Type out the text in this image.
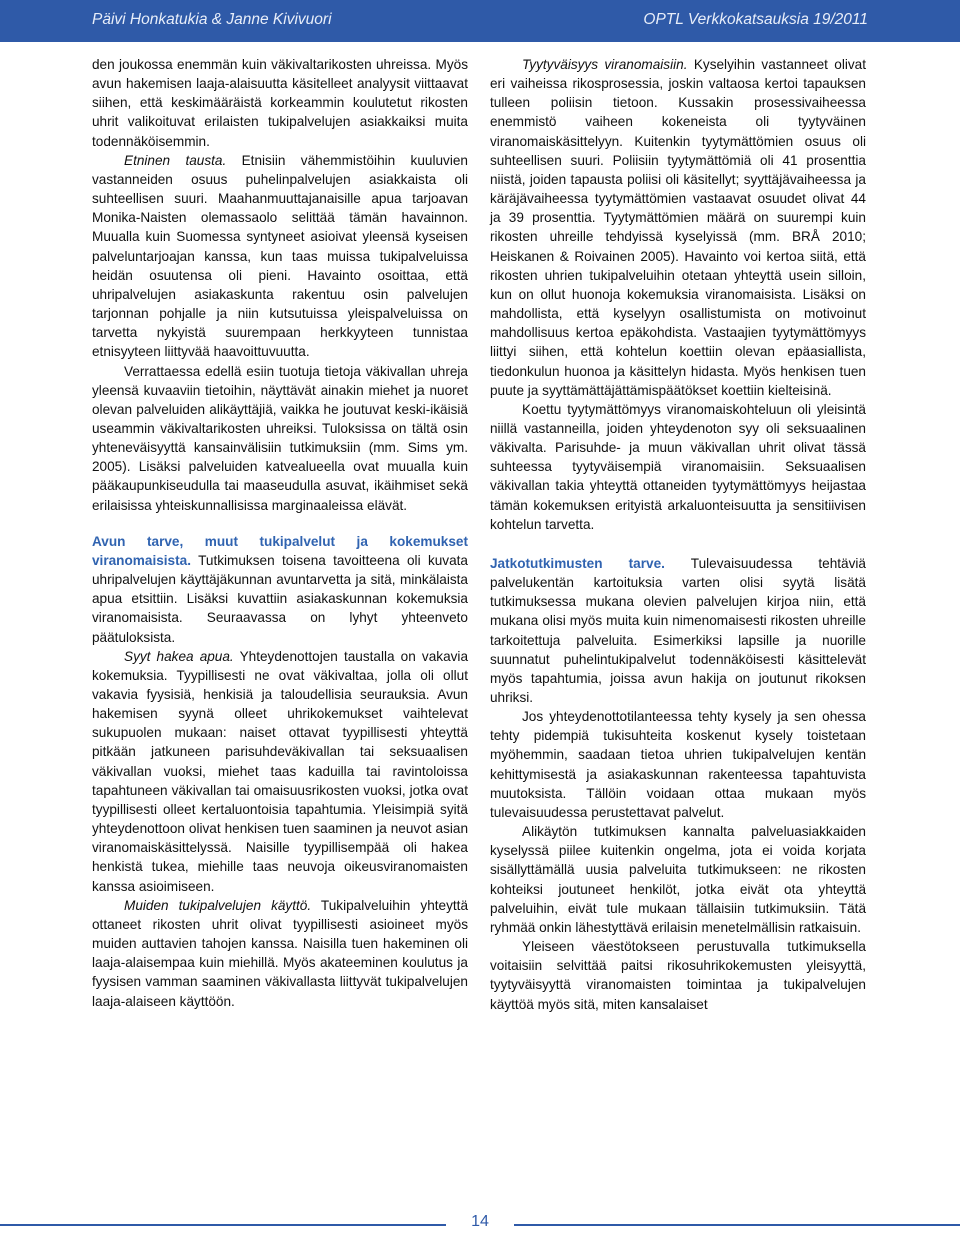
Päivi Honkatukia & Janne Kivivuori	OPTL Verkkokatsauksia 19/2011

den joukossa enemmän kuin väkivaltarikosten uhreissa. Myös avun hakemisen laaja-alaisuutta käsitelleet analyysit viittaavat siihen, että keskimääräistä korkeammin koulutetut rikosten uhrit valikoituvat erilaisten tukipalvelujen asiakkaiksi muita todennäköisemmin.

Etninen tausta. Etnisiin vähemmistöihin kuuluvien vastanneiden osuus puhelinpalvelujen asiakkaista oli suhteellisen suuri. Maahanmuuttajanaisille apua tarjoavan Monika-Naisten olemassaolo selittää tämän havainnon. Muualla kuin Suomessa syntyneet asioivat yleensä kyseisen palveluntarjoajan kanssa, kun taas muissa tukipalveluissa heidän osuutensa oli pieni. Havainto osoittaa, että uhripalvelujen asiakaskunta rakentuu osin palvelujen tarjonnan pohjalle ja niin kutsutuissa yleispalveluissa on tarvetta nykyistä suurempaan herkkyyteen tunnistaa etnisyyteen liittyvää haavoittuvuutta.

Verrattaessa edellä esiin tuotuja tietoja väkivallan uhreja yleensä kuvaaviin tietoihin, näyttävät ainakin miehet ja nuoret olevan palveluiden alikäyttäjiä, vaikka he joutuvat keski-ikäisiä useammin väkivaltarikosten uhreiksi. Tuloksissa on tältä osin yhteneväisyyttä kansainvälisiin tutkimuksiin (mm. Sims ym. 2005). Lisäksi palveluiden katvealueella ovat muualla kuin pääkaupunkiseudulla tai maaseudulla asuvat, ikäihmiset sekä erilaisissa yhteiskunnallisissa marginaaleissa elävät.

Avun tarve, muut tukipalvelut ja kokemukset viranomaisista. Tutkimuksen toisena tavoitteena oli kuvata uhripalvelujen käyttäjäkunnan avuntarvetta ja sitä, minkälaista apua etsittiin. Lisäksi kuvattiin asiakaskunnan kokemuksia viranomaisista. Seuraavassa on lyhyt yhteenveto päätuloksista.

Syyt hakea apua. Yhteydenottojen taustalla on vakavia kokemuksia. Tyypillisesti ne ovat väkivaltaa, jolla oli ollut vakavia fyysisiä, henkisiä ja taloudellisia seurauksia. Avun hakemisen syynä olleet uhrikokemukset vaihtelevat sukupuolen mukaan: naiset ottavat tyypillisesti yhteyttä pitkään jatkuneen parisuhdeväkivallan tai seksuaalisen väkivallan vuoksi, miehet taas kaduilla tai ravintoloissa tapahtuneen väkivallan tai omaisuusrikosten vuoksi, jotka ovat tyypillisesti olleet kertaluontoisia tapahtumia. Yleisimpiä syitä yhteydenottoon olivat henkisen tuen saaminen ja neuvot asian viranomaiskäsittelyssä. Naisille tyypillisempää oli hakea henkistä tukea, miehille taas neuvoja oikeusviranomaisten kanssa asioimiseen.

Muiden tukipalvelujen käyttö. Tukipalveluihin yhteyttä ottaneet rikosten uhrit olivat tyypillisesti asioineet myös muiden auttavien tahojen kanssa. Naisilla tuen hakeminen oli laaja-alaisempaa kuin miehillä. Myös akateeminen koulutus ja fyysisen vamman saaminen väkivallasta liittyvät tukipalvelujen laaja-alaiseen käyttöön.

Tyytyväisyys viranomaisiin. Kyselyihin vastanneet olivat eri vaiheissa rikosprosessia, joskin valtaosa kertoi tapauksen tulleen poliisin tietoon. Kussakin prosessivaiheessa enemmistö vaiheen kokeneista oli tyytyväinen viranomaiskäsittelyyn. Kuitenkin tyytymättömien osuus oli suhteellisen suuri. Poliisiin tyytymättömiä oli 41 prosenttia niistä, joiden tapausta poliisi oli käsitellyt; syyttäjävaiheessa ja käräjävaiheessa tyytymättömien vastaavat osuudet olivat 44 ja 39 prosenttia. Tyytymättömien määrä on suurempi kuin rikosten uhreille tehdyissä kyselyissä (mm. BRÅ 2010; Heiskanen & Roivainen 2005). Havainto voi kertoa siitä, että rikosten uhrien tukipalveluihin otetaan yhteyttä usein silloin, kun on ollut huonoja kokemuksia viranomaisista. Lisäksi on mahdollista, että kyselyyn osallistumista on motivoinut mahdollisuus kertoa epäkohdista. Vastaajien tyytymättömyys liittyi siihen, että kohtelun koettiin olevan epäasiallista, tiedonkulun huonoa ja käsittelyn hidasta. Myös henkisen tuen puute ja syyttämättäjättämispäätökset koettiin kielteisinä.

Koettu tyytymättömyys viranomaiskohteluun oli yleisintä niillä vastanneilla, joiden yhteydenoton syy oli seksuaalinen väkivalta. Parisuhde- ja muun väkivallan uhrit olivat tässä suhteessa tyytyväisempiä viranomaisiin. Seksuaalisen väkivallan takia yhteyttä ottaneiden tyytymättömyys heijastaa tämän kokemuksen erityistä arkaluonteisuutta ja sensitiivisen kohtelun tarvetta.

Jatkotutkimusten tarve. Tulevaisuudessa tehtäviä palvelukentän kartoituksia varten olisi syytä lisätä tutkimuksessa mukana olevien palvelujen kirjoa niin, että mukana olisi myös muita kuin nimenomaisesti rikosten uhreille tarkoitettuja palveluita. Esimerkiksi lapsille ja nuorille suunnatut puhelintukipalvelut todennäköisesti käsittelevät myös tapahtumia, joissa avun hakija on joutunut rikoksen uhriksi.

Jos yhteydenottotilanteessa tehty kysely ja sen ohessa tehty pidempiä tukisuhteita koskenut kysely toistetaan myöhemmin, saadaan tietoa uhrien tukipalvelujen kentän kehittymisestä ja asiakaskunnan rakenteessa tapahtuvista muutoksista. Tällöin voidaan ottaa mukaan myös tulevaisuudessa perustettavat palvelut.

Alikäytön tutkimuksen kannalta palveluasiakkaiden kyselyssä piilee kuitenkin ongelma, jota ei voida korjata sisällyttämällä uusia palveluita tutkimukseen: ne rikosten kohteiksi joutuneet henkilöt, jotka eivät ota yhteyttä palveluihin, eivät tule mukaan tällaisiin tutkimuksiin. Tätä ryhmää onkin lähestyttävä erilaisin menetelmällisin ratkaisuin.

Yleiseen väestötokseen perustuvalla tutkimuksella voitaisiin selvittää paitsi rikosuhrikokemusten yleisyyttä, tyytyväisyyttä viranomaisten toimintaa ja tukipalvelujen käyttöä myös sitä, miten kansalaiset

14
